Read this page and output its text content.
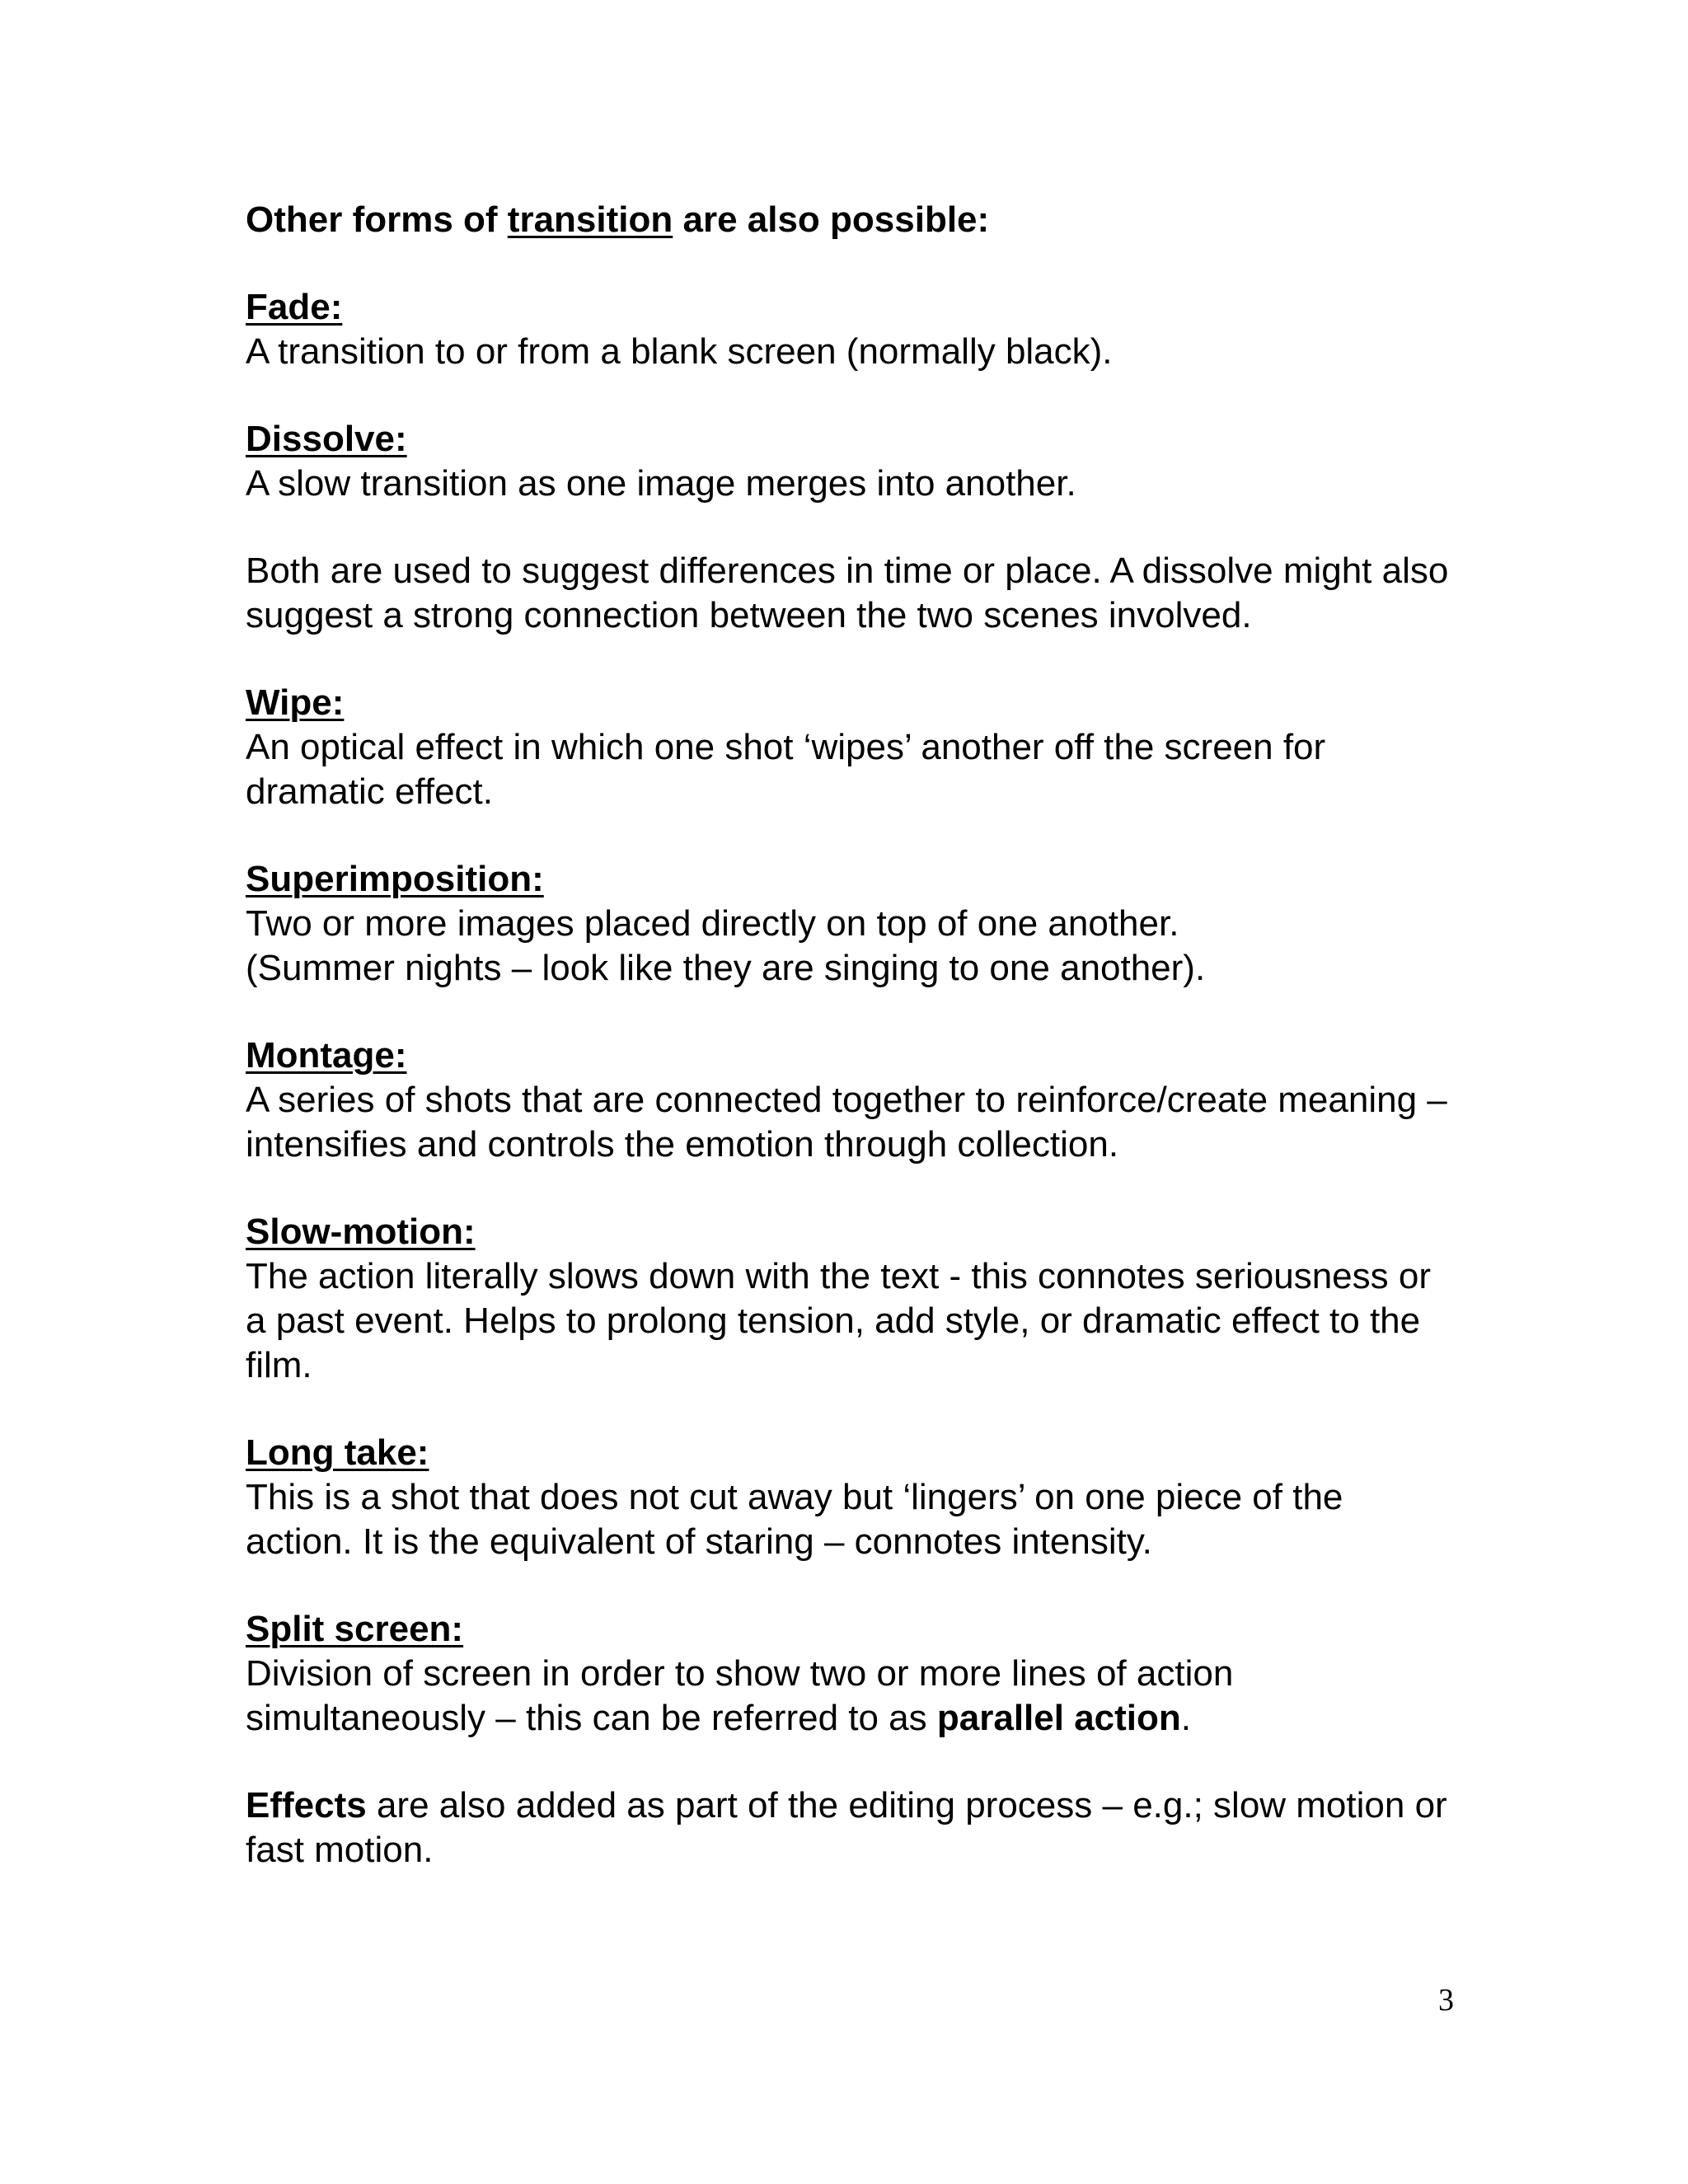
Other forms of transition are also possible:

Fade:
A transition to or from a blank screen (normally black).
Dissolve:
A slow transition as one image merges into another.

Both are used to suggest differences in time or place. A dissolve might also suggest a strong connection between the two scenes involved.

Wipe:
An optical effect in which one shot ‘wipes’ another off the screen for dramatic effect.
Superimposition:
Two or more images placed directly on top of one another.
(Summer nights – look like they are singing to one another).
Montage:
A series of shots that are connected together to reinforce/create meaning – intensifies and controls the emotion through collection.
Slow-motion:
The action literally slows down with the text - this connotes seriousness or a past event. Helps to prolong tension, add style, or dramatic effect to the film.
Long take:
This is a shot that does not cut away but ‘lingers’ on one piece of the action. It is the equivalent of staring – connotes intensity.
Split screen:
Division of screen in order to show two or more lines of action simultaneously – this can be referred to as parallel action.

Effects are also added as part of the editing process – e.g.; slow motion or fast motion.

3
